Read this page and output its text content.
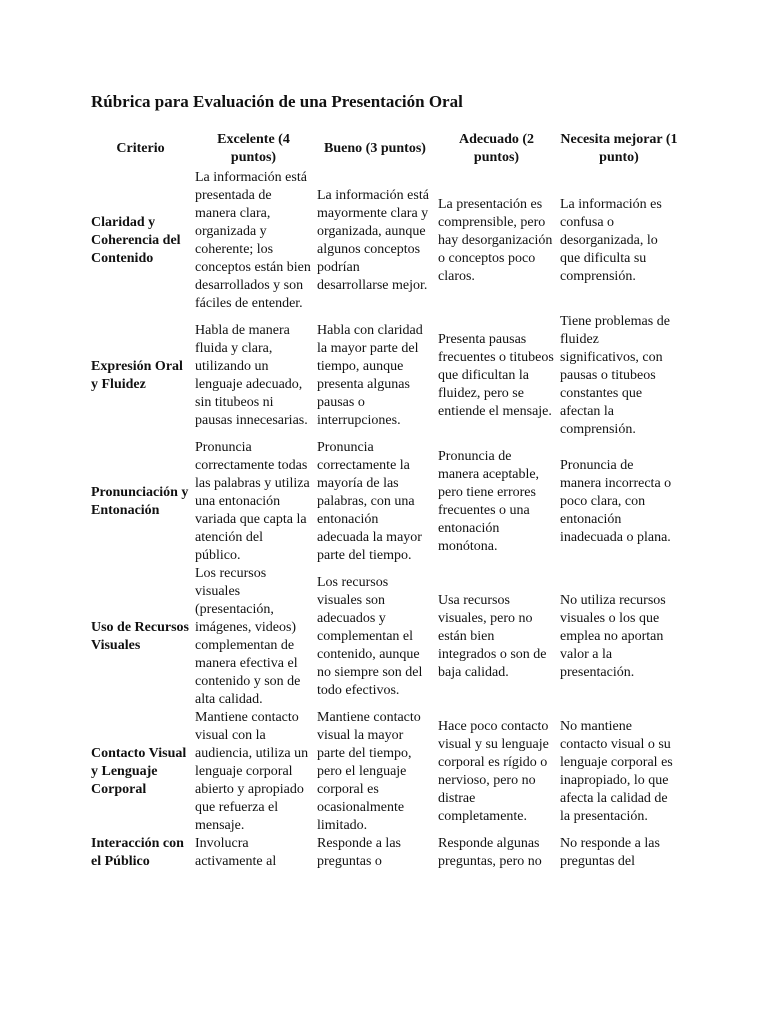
Rúbrica para Evaluación de una Presentación Oral
Criterio	Excelente (4 puntos)	Bueno (3 puntos)	Adecuado (2 puntos)	Necesita mejorar (1 punto)
Claridad y Coherencia del Contenido	La información está presentada de manera clara, organizada y coherente; los conceptos están bien desarrollados y son fáciles de entender.	La información está mayormente clara y organizada, aunque algunos conceptos podrían desarrollarse mejor.	La presentación es comprensible, pero hay desorganización o conceptos poco claros.	La información es confusa o desorganizada, lo que dificulta su comprensión.
Expresión Oral y Fluidez	Habla de manera fluida y clara, utilizando un lenguaje adecuado, sin titubeos ni pausas innecesarias.	Habla con claridad la mayor parte del tiempo, aunque presenta algunas pausas o interrupciones.	Presenta pausas frecuentes o titubeos que dificultan la fluidez, pero se entiende el mensaje.	Tiene problemas de fluidez significativos, con pausas o titubeos constantes que afectan la comprensión.
Pronunciación y Entonación	Pronuncia correctamente todas las palabras y utiliza una entonación variada que capta la atención del público.	Pronuncia correctamente la mayoría de las palabras, con una entonación adecuada la mayor parte del tiempo.	Pronuncia de manera aceptable, pero tiene errores frecuentes o una entonación monótona.	Pronuncia de manera incorrecta o poco clara, con entonación inadecuada o plana.
Uso de Recursos Visuales	Los recursos visuales (presentación, imágenes, videos) complementan de manera efectiva el contenido y son de alta calidad.	Los recursos visuales son adecuados y complementan el contenido, aunque no siempre son del todo efectivos.	Usa recursos visuales, pero no están bien integrados o son de baja calidad.	No utiliza recursos visuales o los que emplea no aportan valor a la presentación.
Contacto Visual y Lenguaje Corporal	Mantiene contacto visual con la audiencia, utiliza un lenguaje corporal abierto y apropiado que refuerza el mensaje.	Mantiene contacto visual la mayor parte del tiempo, pero el lenguaje corporal es ocasionalmente limitado.	Hace poco contacto visual y su lenguaje corporal es rígido o nervioso, pero no distrae completamente.	No mantiene contacto visual o su lenguaje corporal es inapropiado, lo que afecta la calidad de la presentación.
Interacción con el Público	Involucra activamente al	Responde a las preguntas o	Responde algunas preguntas, pero no	No responde a las preguntas del
